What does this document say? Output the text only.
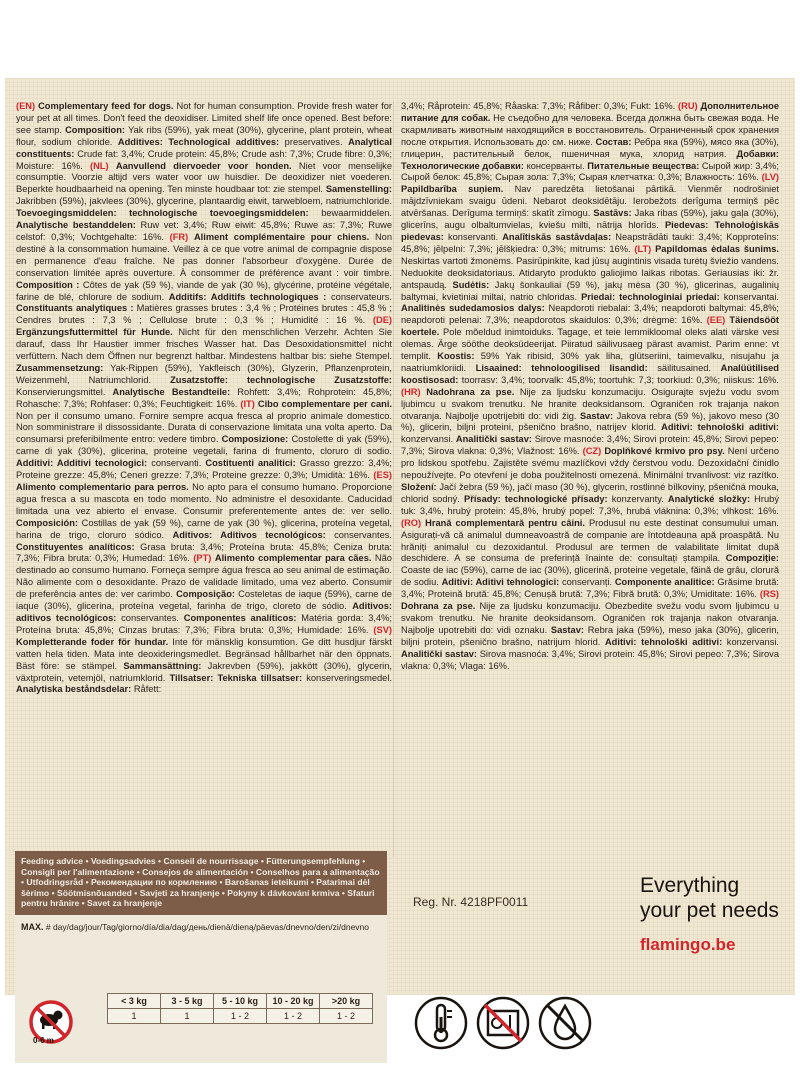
(EN) Complementary feed for dogs. Not for human consumption. Provide fresh water for your pet at all times. Don't feed the deoxidiser. Limited shelf life once opened. Best before: see stamp. Composition: Yak ribs (59%), yak meat (30%), glycerine, plant protein, wheat flour, sodium chloride. Additives: Technological additives: preservatives. Analytical constituents: Crude fat: 3,4%; Crude protein: 45,8%; Crude ash: 7,3%; Crude fibre: 0,3%; Moisture: 16%. (NL) Aanvullend diervoeder voor honden. Niet voor menselijke consumptie. Voorzie altijd vers water voor uw huisdier. De deoxidizer niet voederen. Beperkte houdbaarheid na opening. Ten minste houdbaar tot: zie stempel. Samenstelling: Jakribben (59%), jakvlees (30%), glycerine, plantaardig eiwit, tarwebloem, natriumchloride. Toevoegingsmiddelen: technologische toevoegingsmiddelen: bewaarmiddelen. Analytische bestanddelen: Ruw vet: 3,4%; Ruw eiwit: 45,8%; Ruwe as: 7,3%; Ruwe celstof: 0,3%; Vochtgehalte: 16%. (FR) Aliment complémentaire pour chiens. Non destiné à la consommation humaine. Veillez à ce que votre animal de compagnie dispose en permanence d'eau fraîche. Ne pas donner l'absorbeur d'oxygène. Durée de conservation limitée après ouverture. À consommer de préférence avant : voir timbre. Composition : Côtes de yak (59 %), viande de yak (30 %), glycérine, protéine végétale, farine de blé, chlorure de sodium. Additifs: Additifs technologiques : conservateurs. Constituants analytiques : Matières grasses brutes : 3,4 % ; Protéines brutes : 45,8 % ; Cendres brutes : 7,3 % ; Cellulose brute : 0,3 % ; Humidité : 16 %. (DE) Ergänzungsfuttermittel für Hunde. Nicht für den menschlichen Verzehr. Achten Sie darauf, dass Ihr Haustier immer frisches Wasser hat. Das Desoxidationsmittel nicht verfüttern. Nach dem Öffnen nur begrenzt haltbar. Mindestens haltbar bis: siehe Stempel. Zusammensetzung: Yak-Rippen (59%), Yakfleisch (30%), Glyzerin, Pflanzenprotein, Weizenmehl, Natriumchlorid. Zusatzstoffe: technologische Zusatzstoffe: Konservierungsmittel. Analytische Bestandteile: Rohfett: 3,4%; Rohprotein: 45,8%; Rohasche: 7,3%; Rohfaser: 0,3%; Feuchtigkeit: 16%. (IT) Cibo complementare per cani. Non per il consumo umano. Fornire sempre acqua fresca al proprio animale domestico. Non somministrare il dissossidante. Durata di conservazione limitata una volta aperto. Da consumarsi preferibilmente entro: vedere timbro. Composizione: Costolette di yak (59%), carne di yak (30%), glicerina, proteine vegetali, farina di frumento, cloruro di sodio. Additivi: Additivi tecnologici: conservanti. Costituenti analitici: Grasso grezzo: 3,4%; Proteine grezze: 45,8%; Ceneri grezze: 7,3%; Proteine grezze: 0,3%; Umidità: 16%. (ES) Alimento complementario para perros. No apto para el consumo humano. Proporcione agua fresca a su mascota en todo momento. No administre el desoxidante. Caducidad limitada una vez abierto el envase. Consumir preferentemente antes de: ver sello. Composición: Costillas de yak (59 %), carne de yak (30 %), glicerina, proteína vegetal, harina de trigo, cloruro sódico. Aditivos: Aditivos tecnológicos: conservantes. Constituyentes analíticos: Grasa bruta: 3,4%; Proteína bruta: 45,8%; Ceniza bruta: 7,3%; Fibra bruta: 0,3%; Humedad: 16%. (PT) Alimento complementar para cães. Não destinado ao consumo humano. Forneça sempre água fresca ao seu animal de estimação. Não alimente com o desoxidante. Prazo de validade limitado, uma vez aberto. Consumir de preferência antes de: ver carimbo. Composição: Costeletas de iaque (59%), carne de iaque (30%), glicerina, proteína vegetal, farinha de trigo, cloreto de sódio. Aditivos: aditivos tecnológicos: conservantes. Componentes analíticos: Matéria gorda: 3,4%; Proteína bruta: 45,8%; Cinzas brutas: 7,3%; Fibra bruta: 0,3%; Humidade: 16%. (SV) Kompletterande foder för hundar. Inte för mänsklig konsumtion. Ge ditt husdjur färskt vatten hela tiden. Mata inte deoxideringsmedlet. Begränsad hållbarhet när den öppnats. Bäst före: se stämpel. Sammansättning: Jakrevben (59%), jakkött (30%), glycerin, växtprotein, vetemjöl, natriumklorid. Tillsatser: Tekniska tillsatser: konserveringsmedel. Analytiska beståndsdelar: Råfett:
3,4%; Råprotein: 45,8%; Råaska: 7,3%; Råfiber: 0,3%; Fukt: 16%. (RU) Дополнительное питание для собак. Не съедобно для человека. Всегда должна быть свежая вода. Не скармливать животным находящийся в восстановитель. Ограниченный срок хранения после открытия. Использовать до: см. ниже. Состав: Ребра яка (59%), мясо яка (30%), глицерин, растительный белок, пшеничная мука, хлорид натрия. Добавки: Технологические добавки: консерванты. Питательные вещества: Сырой жир: 3,4%; Сырой белок: 45,8%; Сырая зола: 7,3%; Сырая клетчатка: 0,3%; Влажность: 16%. (LV) Papildbarība suņiem. Nav paredzēta lietošanai pārtikā. Vienmēr nodrošiniet mājdzīvniekam svaigu ūdeni. Nebarot deoksidētāju. Ierobežots derīguma termiņš pēc atvēršanas. Derīguma termiņš: skatīt zīmogu. Sastāvs: Jaka ribas (59%), jaku gaļa (30%), glicerīns, augu olbaltumvielas, kviešu milti, nātrija hlorīds. Piedevas: Tehnoloģiskās piedevas: konservanti. Analītiskās sastāvdaļas: Neapstrādāti tauki: 3,4%; Kopproteīns: 45,8%; jēlpelni: 7,3%; jēlšķiedra: 0,3%; mitrums: 16%. (LT) Papildomas ėdalas šunims. Neskirtas vartoti žmonėms. Pasirūpinkite, kad jūsų augintinis visada turėtų šviežio vandens. Neduokite deoksidatoriaus. Atidaryto produkto galiojimo laikas ribotas. Geriausias iki: žr. antspaudą. Sudėtis: Jakų šonkauliai (59 %), jakų mėsa (30 %), glicerinas, augalinių baltymai, kvietiniai miltai, natrio chloridas. Priedai: technologiniai priedai: konservantai. Analitinės sudedamosios dalys: Neapdoroti riebalai: 3,4%; neapdoroti baltymai: 45,8%; neapdoroti pelenai: 7,3%; neapdorotos skaidulos: 0,3%; drėgmė: 16%. (EE) Täiendsööt koertele. Pole mõeldud inimtoiduks. Tagage, et teie lemmikloomal oleks alati värske vesi olemas. Ärge sööthe deoksüdeerijat. Piiratud säilivusaeg pärast avamist. Parim enne: vt templit. Koostis: 59% Yak ribisid, 30% yak liha, glütseriini, taimevalku, nisujahu ja naatriumkloriidi. Lisaained: tehnoloogilised lisandid: säilitusained. Analüütilised koostisosad: toorrasv: 3,4%; toorvalk: 45,8%; toortuhk: 7,3; toorkiud: 0,3%; niiskus: 16%. (HR) Nadohrana za pse. Nije za ljudsku konzumaciju. Osigurajte svježu vodu svom ljubimcu u svakom trenutku. Ne hranite deoksidansom. Ograničen rok trajanja nakon otvaranja. Najbolje upotrijebiti do: vidi žig. Sastav: Jakova rebra (59 %), jakovo meso (30 %), glicerin, biljni proteini, pšenično brašno, natrijev klorid. Aditivi: tehnološki aditivi: konzervansi. Analitički sastav: Sirove masnoće: 3,4%; Sirovi protein: 45,8%; Sirovi pepeo: 7,3%; Sirova vlakna: 0,3%; Vlažnost: 16%. (CZ) Doplňkové krmivo pro psy. Není určeno pro lidskou spotřebu. Zajistěte svému mazlíčkovi vždy čerstvou vodu. Dezoxidační činidlo nepoužívejte. Po otevření je doba použitelnosti omezená. Minimální trvanlivost: viz razítko. Složení: Jačí žebra (59 %), jačí maso (30 %), glycerin, rostlinné bílkoviny, pšeničná mouka, chlorid sodný. Přísady: technologické přísady: konzervanty. Analytické složky: Hrubý tuk: 3,4%, hrubý protein: 45,8%, hrubý popel: 7,3%, hrubá vláknina: 0,3%; vlhkost: 16%. (RO) Hrană complementară pentru câini. Produsul nu este destinat consumului uman. Asigurați-vă că animalul dumneavoastră de companie are întotdeauna apă proaspătă. Nu hrăniți animalul cu dezoxidantul. Produsul are termen de valabilitate limitat după deschidere. A se consuma de preferință înainte de: consultați ștampila. Compoziție: Coaste de iac (59%), carne de iac (30%), glicerină, proteine vegetale, făină de grâu, clorură de sodiu. Aditivi: Aditivi tehnologici: conservanți. Componente analitice: Grăsime brută: 3,4%; Proteină brută: 45,8%; Cenușă brută: 7,3%; Fibră brută: 0,3%; Umiditate: 16%. (RS) Dohrana za pse. Nije za ljudsku konzumaciju. Obezbedite svežu vodu svom ljubimcu u svakom trenutku. Ne hranite deoksidansom. Ograničen rok trajanja nakon otvaranja. Najbolje upotrebiti do: vidi oznaku. Sastav: Rebra jaka (59%), meso jaka (30%), glicerin, biljni protein, pšenično brašno, natrijum hlorid. Aditivi: tehnološki aditivi: konzervansi. Analitički sastav: Sirova masnoća: 3,4%; Sirovi protein: 45,8%; Sirovi pepeo: 7,3%; Sirova vlakna: 0,3%; Vlaga: 16%.
Feeding advice • Voedingsadvies • Conseil de nourrissage • Fütterungsempfehlung • Consigli per l'alimentazione • Consejos de alimentación • Conselhos para a alimentação • Utfodringsråd • Рекомендации по кормлению • Barošanas ieteikumi • Patarimai dėl šėrimo • Söötmisnõuanded • Savjeti za hranjenje • Pokyny k dávkování krmiva • Sfaturi pentru hrănire • Savet za hranjenje
MAX. # day/dag/jour/Tag/giorno/día/dia/dag/день/dienā/dieną/päevas/dnevno/den/zi/dnevno
0-6 m
< 3 kg	3 - 5 kg	5 - 10 kg	10 - 20 kg	>20 kg
1	1	1 - 2	1 - 2	1 - 2
Reg. Nr. 4218PF0011
Everything
your pet needs
flamingo.be
